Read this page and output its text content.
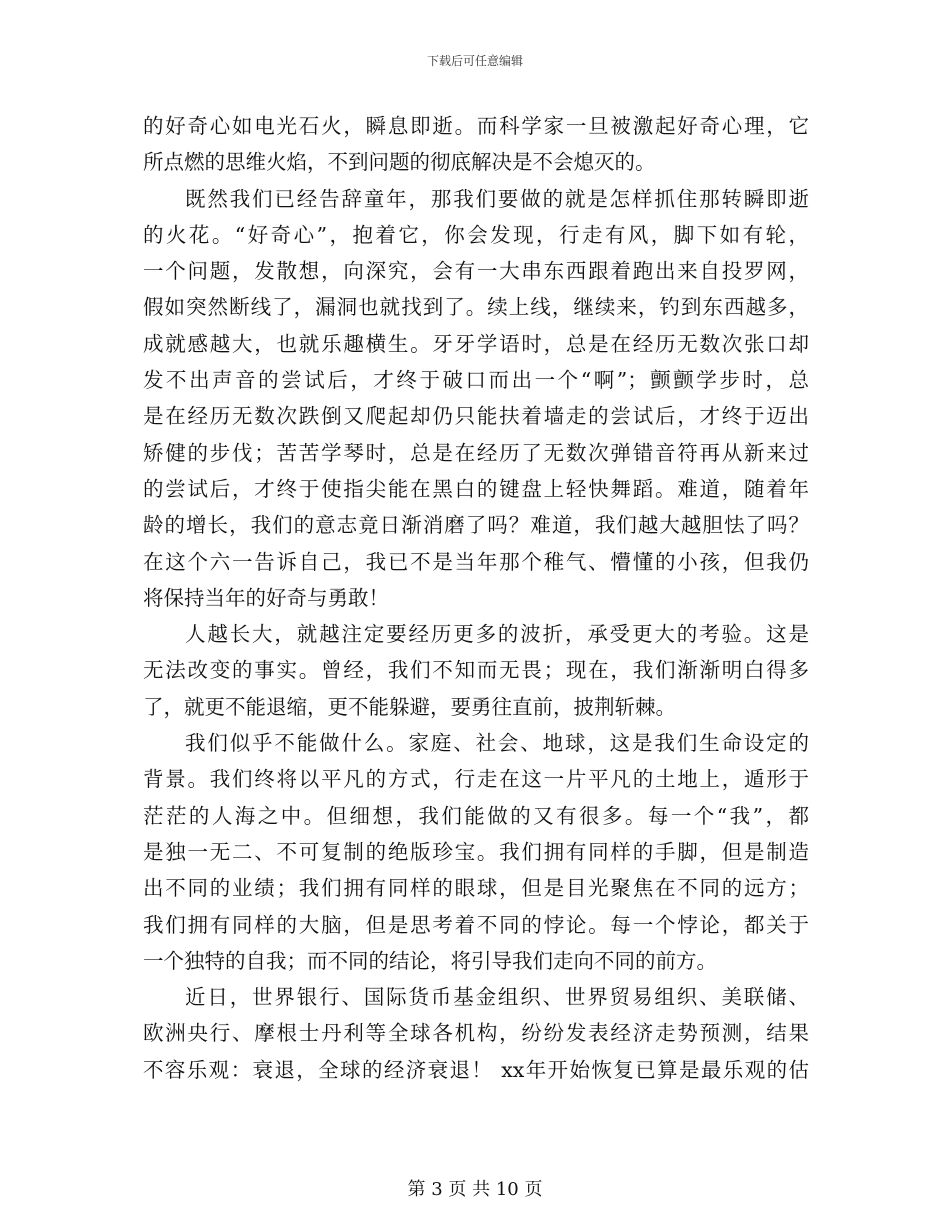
下载后可任意编辑
的好奇心如电光石火，瞬息即逝。而科学家一旦被激起好奇心理，它
所点燃的思维火焰，不到问题的彻底解决是不会熄灭的。
既然我们已经告辞童年，那我们要做的就是怎样抓住那转瞬即逝
的火花。“好奇心”，抱着它，你会发现，行走有风，脚下如有轮，
一个问题，发散想，向深究，会有一大串东西跟着跑出来自投罗网，
假如突然断线了，漏洞也就找到了。续上线，继续来，钓到东西越多，
成就感越大，也就乐趣横生。牙牙学语时，总是在经历无数次张口却
发不出声音的尝试后，才终于破口而出一个“啊”；颤颤学步时，总
是在经历无数次跌倒又爬起却仍只能扶着墙走的尝试后，才终于迈出
矫健的步伐；苦苦学琴时，总是在经历了无数次弹错音符再从新来过
的尝试后，才终于使指尖能在黑白的键盘上轻快舞蹈。难道，随着年
龄的增长，我们的意志竟日渐消磨了吗？难道，我们越大越胆怯了吗？
在这个六一告诉自己，我已不是当年那个稚气、懵懂的小孩，但我仍
将保持当年的好奇与勇敢！
人越长大，就越注定要经历更多的波折，承受更大的考验。这是
无法改变的事实。曾经，我们不知而无畏；现在，我们渐渐明白得多
了，就更不能退缩，更不能躲避，要勇往直前，披荆斩棘。
我们似乎不能做什么。家庭、社会、地球，这是我们生命设定的
背景。我们终将以平凡的方式，行走在这一片平凡的土地上，遁形于
茫茫的人海之中。但细想，我们能做的又有很多。每一个“我”，都
是独一无二、不可复制的绝版珍宝。我们拥有同样的手脚，但是制造
出不同的业绩；我们拥有同样的眼球，但是目光聚焦在不同的远方；
我们拥有同样的大脑，但是思考着不同的悖论。每一个悖论，都关于
一个独特的自我；而不同的结论，将引导我们走向不同的前方。
近日，世界银行、国际货币基金组织、世界贸易组织、美联储、
欧洲央行、摩根士丹利等全球各机构，纷纷发表经济走势预测，结果
不容乐观：衰退，全球的经济衰退！ xx年开始恢复已算是最乐观的估
第 3 页 共 10 页
